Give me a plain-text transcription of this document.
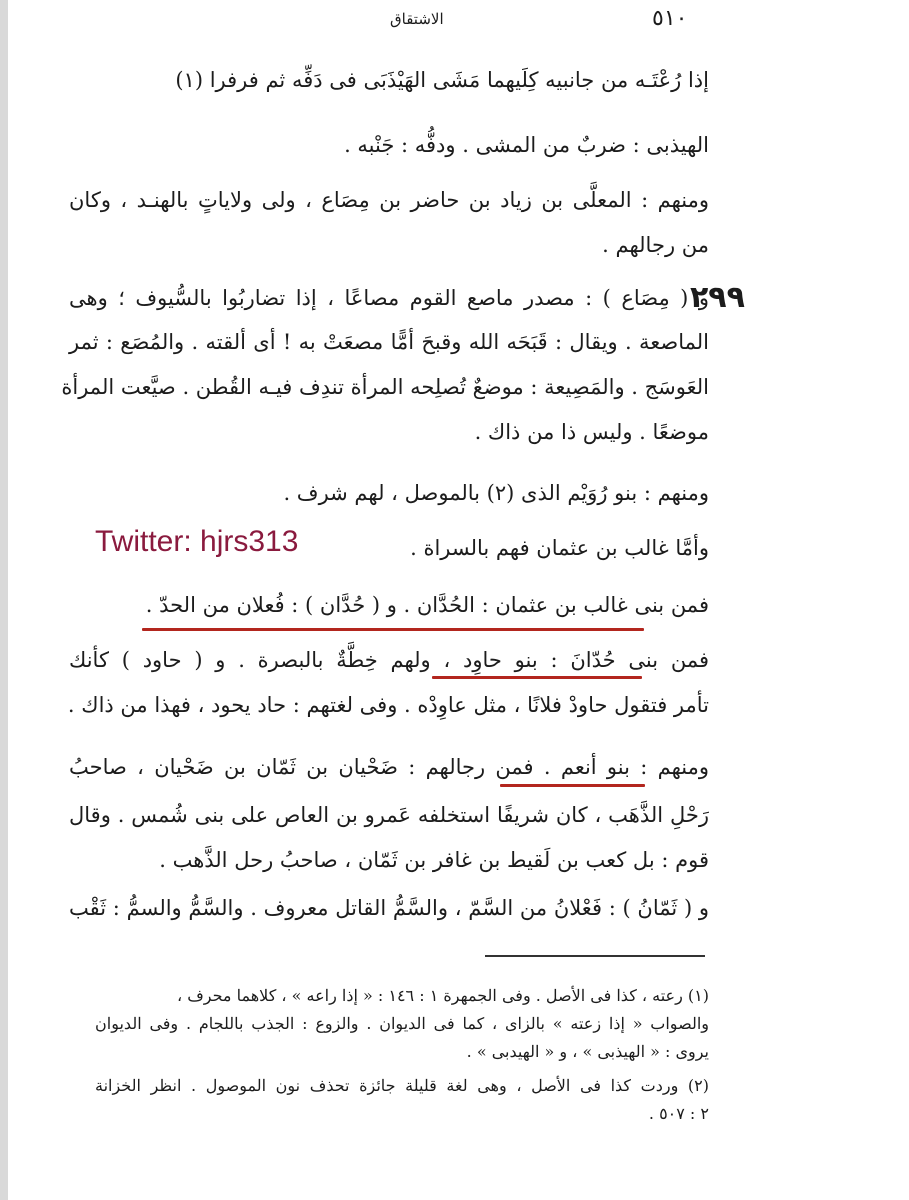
الاشتقاق	٥١٠
إذا رُعْتَـه من جانبيه كِلَيهما مَشَى الهَيْذَبَى فى دَفِّه ثم فرفرا (١)
الهيذبى : ضربٌ من المشى . ودفُّه : جَنْبه .
ومنهم : المعلَّى بن زياد بن حاضر بن مِصَاع ، ولى ولاياتٍ بالهنـد ، وكان
من رجالهم .
٢٩٩
و ( مِصَاع ) : مصدر ماصع القوم مصاعًا ، إذا تضاربُوا بالسُّيوف ؛ وهى
الماصعة . ويقال : قَبَحَه الله وقبحَ أمًّا مصعَتْ به ! أى ألقته . والمُصَع : ثمر
العَوسَج . والمَصِيعة : موضعٌ تُصلِحه المرأة تندِف فيـه القُطن . صيَّعت المرأة
موضعًا . وليس ذا من ذاك .
ومنهم : بنو رُوَيْم الذى (٢) بالموصل ، لهم شرف .
Twitter: hjrs313	وأمَّا غالب بن عثمان فهم بالسراة .
فمن بنى غالب بن عثمان : الحُدَّان . و ( حُدَّان ) : فُعلان من الحدّ .
فمن بنى حُدّانَ : بنو حاوِد ، ولهم خِطَّةٌ بالبصرة . و ( حاود ) كأنك
تأمر فتقول حاودْ فلانًا ، مثل عاوِدْه . وفى لغتهم : حاد يحود ، فهذا من ذاك .
ومنهم : بنو أنعم . فمن رجالهم : ضَحْيان بن ثَمّان بن ضَحْيان ، صاحبُ
رَحْلِ الذَّهَب ، كان شريفًا استخلفه عَمرو بن العاص على بنى شُمس . وقال
قوم : بل كعب بن لَقيط بن غافر بن ثَمّان ، صاحبُ رحل الذَّهب .
و ( ثَمّانُ ) : فَعْلانُ من السَّمّ ، والسَّمُّ القاتل معروف . والسَّمُّ والسمُّ : ثَقْب
(١) رعته ، كذا فى الأصل . وفى الجمهرة ١ : ١٤٦ : « إذا راعه » ، كلاهما محرف ،
والصواب « إذا زعته » بالزاى ، كما فى الديوان . والزوع : الجذب باللجام . وفى الديوان
يروى : « الهيذبى » ، و « الهيدبى » .
(٢) وردت كذا فى الأصل ، وهى لغة قليلة جائزة تحذف نون الموصول . انظر الخزانة
٢ : ٥٠٧ .
